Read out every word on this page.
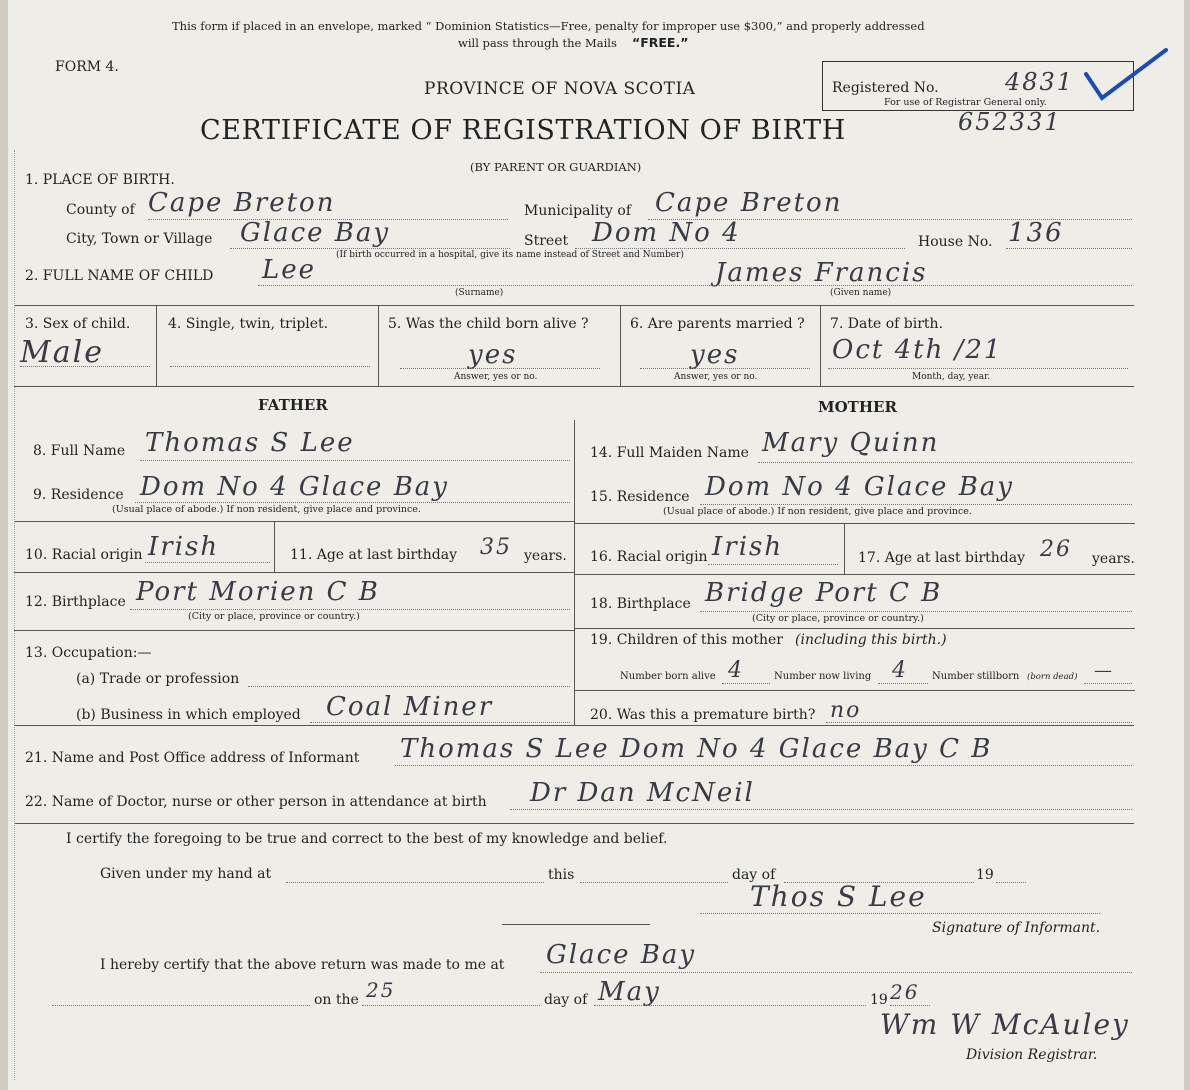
This form if placed in an envelope, marked “ Dominion Statistics—Free, penalty for improper use $300,” and properly addressed
will pass through the Mails “FREE.”
FORM 4.
PROVINCE OF NOVA SCOTIA
CERTIFICATE OF REGISTRATION OF BIRTH
(BY PARENT OR GUARDIAN)
Registered No.	4831
For use of Registrar General only.
652331
1. PLACE OF BIRTH.
County of Cape Breton	Municipality of Cape Breton
City, Town or Village Glace Bay	Street Dom No 4	House No. 136
(If birth occurred in a hospital, give its name instead of Street and Number)
2. FULL NAME OF CHILD Lee	James Francis
(Surname)	(Given name)
3. Sex of child.
Male
4. Single, twin, triplet.	5. Was the child born alive ?
yes
Answer, yes or no.
6. Are parents married ?
yes
Answer, yes or no.
7. Date of birth.
Oct 4th /21
Month, day, year.
FATHER	MOTHER
8. Full Name Thomas S Lee
9. Residence Dom No 4 Glace Bay
(Usual place of abode.) If non resident, give place and province.
10. Racial origin Irish	11. Age at last birthday 35 years.
12. Birthplace Port Morien C B
(City or place, province or country.)
13. Occupation:—
(a) Trade or profession
(b) Business in which employed Coal Miner
14. Full Maiden Name Mary Quinn
15. Residence Dom No 4 Glace Bay
(Usual place of abode.) If non resident, give place and province.
16. Racial origin Irish	17. Age at last birthday 26 years.
18. Birthplace Bridge Port C B
(City or place, province or country.)
19. Children of this mother (including this birth.)
Number born alive 4	Number now living 4 Number stillborn (born dead) —
20. Was this a premature birth? no
21. Name and Post Office address of Informant Thomas S Lee Dom No 4 Glace Bay C B
22. Name of Doctor, nurse or other person in attendance at birth Dr Dan McNeil
I certify the foregoing to be true and correct to the best of my knowledge and belief.
Given under my hand at	this	day of	19
Thos S Lee
Signature of Informant.
I hereby certify that the above return was made to me at Glace Bay
on the 25	day of May	19 26
Wm W McAuley
Division Registrar.
